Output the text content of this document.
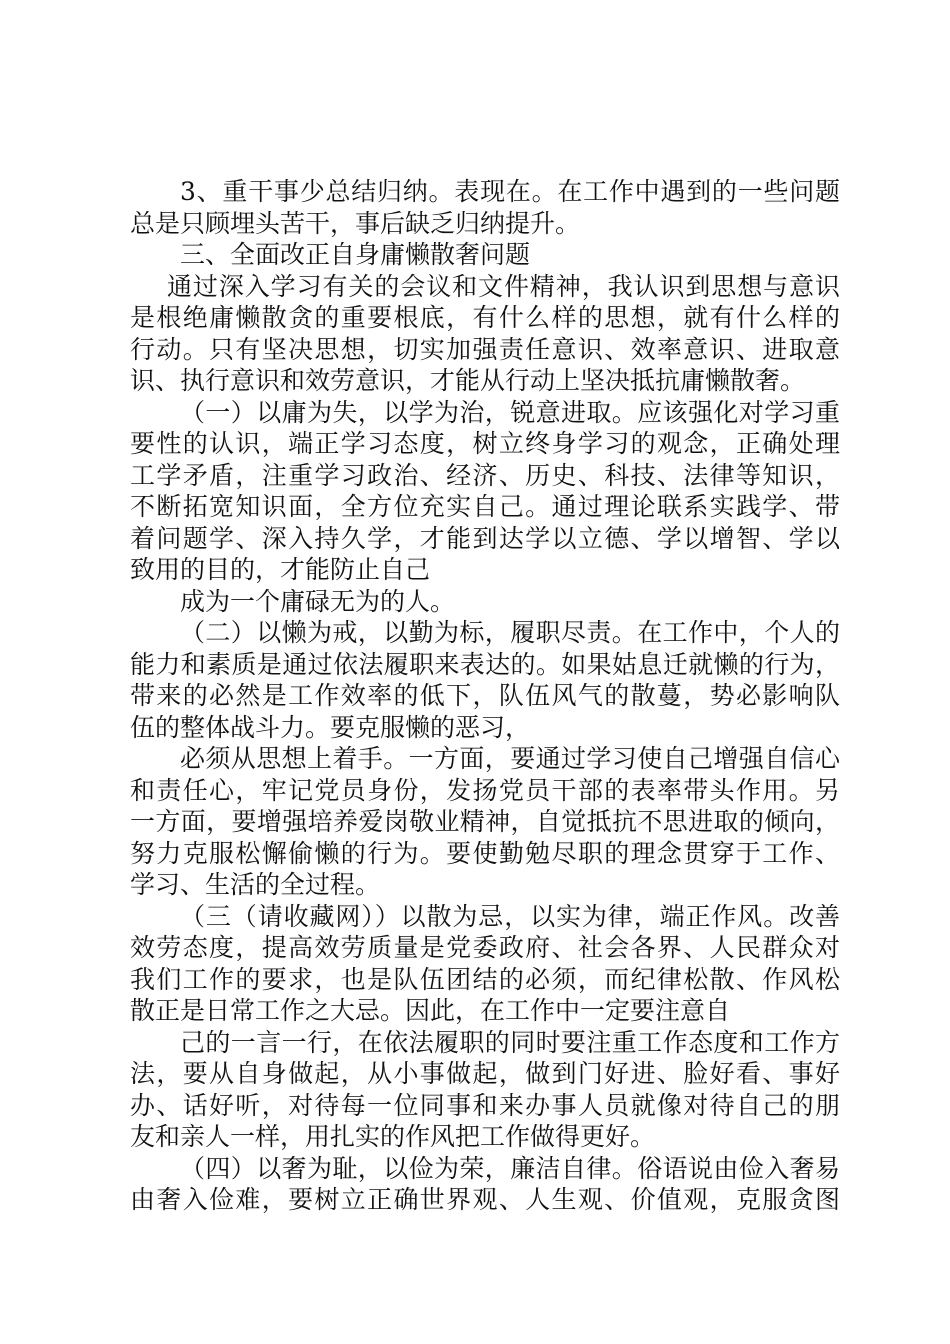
3、重干事少总结归纳。表现在。在工作中遇到的一些问题
总是只顾埋头苦干，事后缺乏归纳提升。
三、全面改正自身庸懒散奢问题
通过深入学习有关的会议和文件精神，我认识到思想与意识
是根绝庸懒散贪的重要根底，有什么样的思想，就有什么样的
行动。只有坚决思想，切实加强责任意识、效率意识、进取意
识、执行意识和效劳意识，才能从行动上坚决抵抗庸懒散奢。
（一）以庸为失，以学为治，锐意进取。应该强化对学习重
要性的认识，端正学习态度，树立终身学习的观念，正确处理
工学矛盾，注重学习政治、经济、历史、科技、法律等知识，
不断拓宽知识面，全方位充实自己。通过理论联系实践学、带
着问题学、深入持久学，才能到达学以立德、学以增智、学以
致用的目的，才能防止自己
成为一个庸碌无为的人。
（二）以懒为戒，以勤为标，履职尽责。在工作中，个人的
能力和素质是通过依法履职来表达的。如果姑息迁就懒的行为，
带来的必然是工作效率的低下，队伍风气的散蔓，势必影响队
伍的整体战斗力。要克服懒的恶习，
必须从思想上着手。一方面，要通过学习使自己增强自信心
和责任心，牢记党员身份，发扬党员干部的表率带头作用。另
一方面，要增强培养爱岗敬业精神，自觉抵抗不思进取的倾向，
努力克服松懈偷懒的行为。要使勤勉尽职的理念贯穿于工作、
学习、生活的全过程。
（三（请收藏网））以散为忌，以实为律，端正作风。改善
效劳态度，提高效劳质量是党委政府、社会各界、人民群众对
我们工作的要求，也是队伍团结的必须，而纪律松散、作风松
散正是日常工作之大忌。因此，在工作中一定要注意自
己的一言一行，在依法履职的同时要注重工作态度和工作方
法，要从自身做起，从小事做起，做到门好进、脸好看、事好
办、话好听，对待每一位同事和来办事人员就像对待自己的朋
友和亲人一样，用扎实的作风把工作做得更好。
（四）以奢为耻，以俭为荣，廉洁自律。俗语说由俭入奢易
由奢入俭难，要树立正确世界观、人生观、价值观，克服贪图
